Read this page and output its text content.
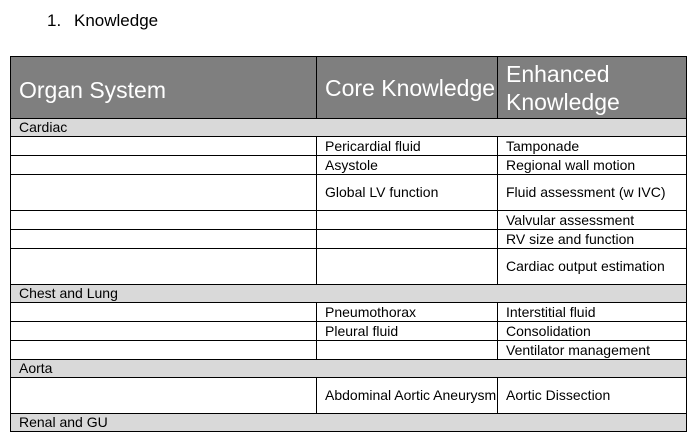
1. Knowledge
Organ System	Core Knowledge	Enhanced Knowledge
Cardiac		
	Pericardial fluid	Tamponade
	Asystole	Regional wall motion
	Global LV function	Fluid assessment (w IVC)
		Valvular assessment
		RV size and function
		Cardiac output estimation
Chest and Lung		
	Pneumothorax	Interstitial fluid
	Pleural fluid	Consolidation
		Ventilator management
Aorta		
	Abdominal Aortic Aneurysm	Aortic Dissection
Renal and GU		
